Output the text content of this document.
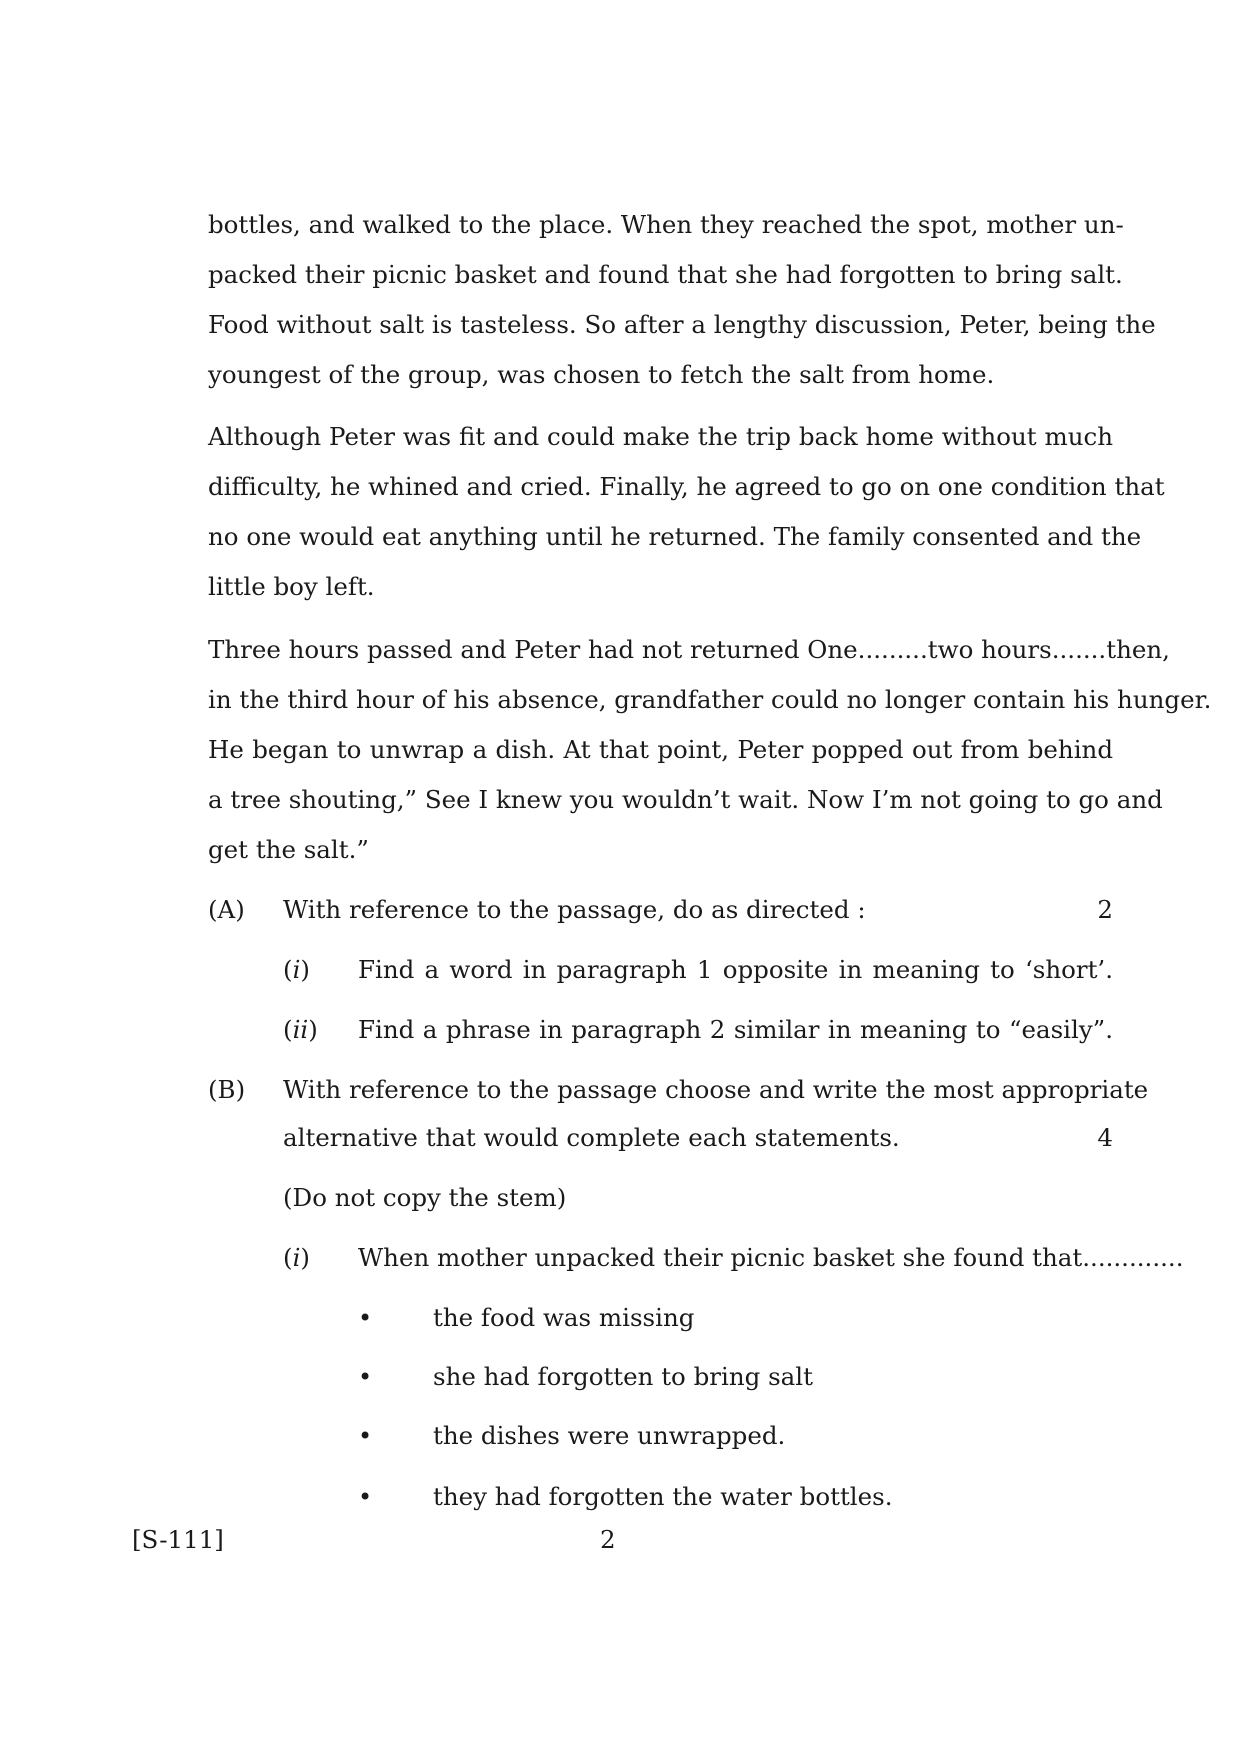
bottles, and walked to the place. When they reached the spot, mother un-
packed their picnic basket and found that she had forgotten to bring salt.
Food without salt is tasteless. So after a lengthy discussion, Peter, being the
youngest of the group, was chosen to fetch the salt from home.
Although Peter was fit and could make the trip back home without much
difficulty, he whined and cried. Finally, he agreed to go on one condition that
no one would eat anything until he returned. The family consented and the
little boy left.
Three hours passed and Peter had not returned One.........two hours.......then,
in the third hour of his absence, grandfather could no longer contain his hunger.
He began to unwrap a dish. At that point, Peter popped out from behind
a tree shouting,” See I knew you wouldn’t wait. Now I’m not going to go and
get the salt.”
(A) With reference to the passage, do as directed :	2
(i) Find a word in paragraph 1 opposite in meaning to ‘short’.
(ii) Find a phrase in paragraph 2 similar in meaning to “easily”.
(B) With reference to the passage choose and write the most appropriate
alternative that would complete each statements.	4
(Do not copy the stem)
(i) When mother unpacked their picnic basket she found that.............
• the food was missing
• she had forgotten to bring salt
• the dishes were unwrapped.
• they had forgotten the water bottles.
[S-111]	2
